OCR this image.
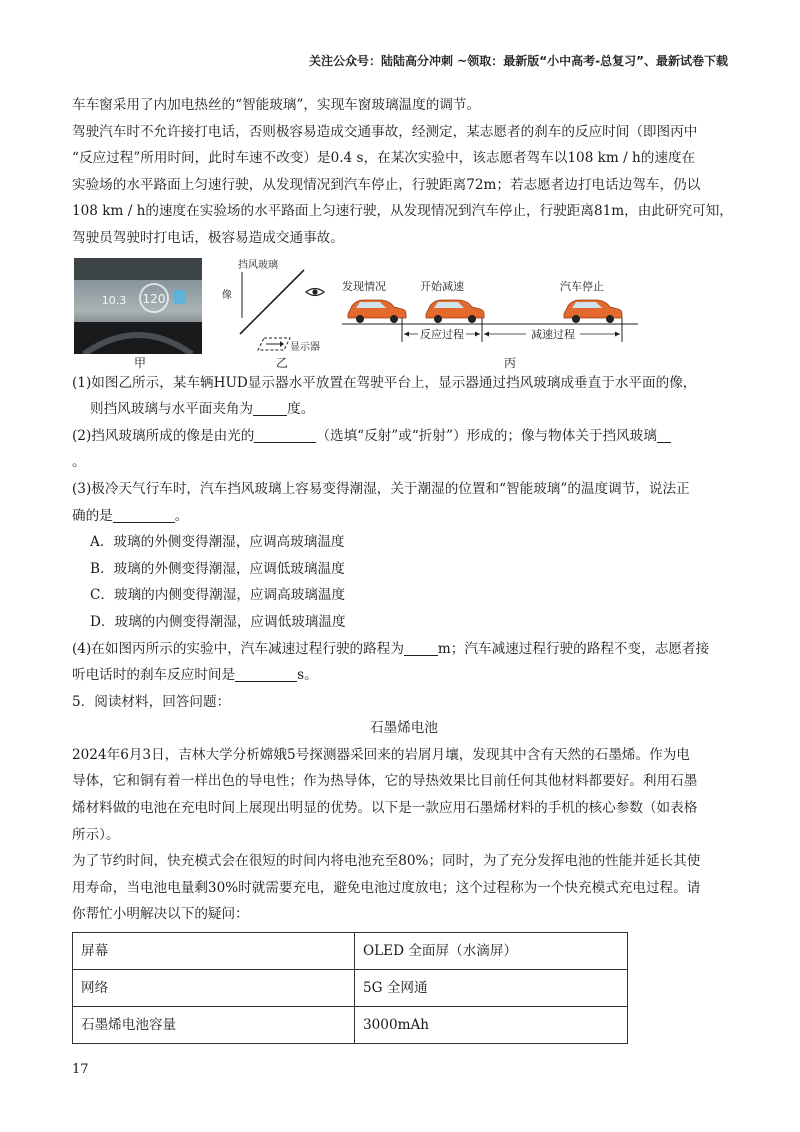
关注公众号：陆陆高分冲刺 ~领取：最新版“小中高考-总复习”、最新试卷下载

车车窗采用了内加电热丝的“智能玻璃”，实现车窗玻璃温度的调节。

驾驶汽车时不允许接打电话，否则极容易造成交通事故，经测定，某志愿者的刹车的反应时间（即图丙中

“反应过程”所用时间，此时车速不改变）是0.4 s，在某次实验中，该志愿者驾车以108 km / h的速度在

实验场的水平路面上匀速行驶，从发现情况到汽车停止，行驶距离72m；若志愿者边打电话边驾车，仍以

108 km / h的速度在实验场的水平路面上匀速行驶，从发现情况到汽车停止，行驶距离81m，由此研究可知，

驾驶员驾驶时打电话，极容易造成交通事故。

120
10.3
甲
挡风玻璃
像
显示器
乙
发现情况	开始减速	汽车停止
反应过程	减速过程
丙

(1)如图乙所示，某车辆HUD显示器水平放置在驾驶平台上，显示器通过挡风玻璃成垂直于水平面的像，

则挡风玻璃与水平面夹角为	度。

(2)挡风玻璃所成的像是由光的	（选填“反射”或“折射”）形成的；像与物体关于挡风玻璃

。

(3)极冷天气行车时，汽车挡风玻璃上容易变得潮湿，关于潮湿的位置和“智能玻璃”的温度调节，说法正

确的是	。

A．玻璃的外侧变得潮湿，应调高玻璃温度

B．玻璃的外侧变得潮湿，应调低玻璃温度

C．玻璃的内侧变得潮湿，应调高玻璃温度

D．玻璃的内侧变得潮湿，应调低玻璃温度

(4)在如图丙所示的实验中，汽车减速过程行驶的路程为	m；汽车减速过程行驶的路程不变，志愿者接

听电话时的刹车反应时间是	s。

5．阅读材料，回答问题：

石墨烯电池

2024年6月3日，吉林大学分析嫦娥5号探测器采回来的岩屑月壤，发现其中含有天然的石墨烯。作为电

导体，它和铜有着一样出色的导电性；作为热导体，它的导热效果比目前任何其他材料都要好。利用石墨

烯材料做的电池在充电时间上展现出明显的优势。以下是一款应用石墨烯材料的手机的核心参数（如表格

所示）。

为了节约时间，快充模式会在很短的时间内将电池充至80%；同时，为了充分发挥电池的性能并延长其使

用寿命，当电池电量剩30%时就需要充电，避免电池过度放电；这个过程称为一个快充模式充电过程。请

你帮忙小明解决以下的疑问：

屏幕	OLED 全面屏（水滴屏）
网络	5G 全网通
石墨烯电池容量	3000mAh
17
